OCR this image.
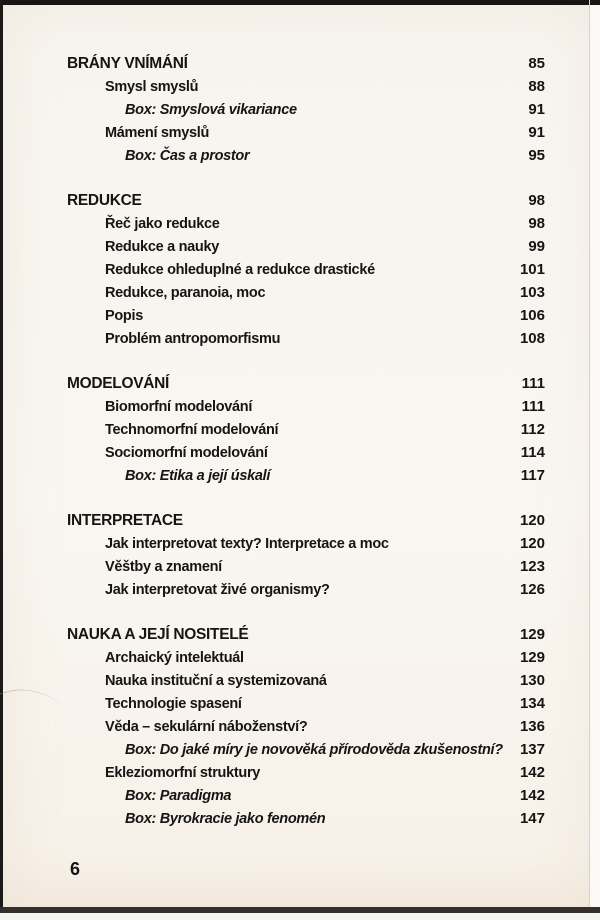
BRÁNY VNÍMÁNÍ	85
Smysl smyslů	88
Box: Smyslová vikariance	91
Mámení smyslů	91
Box: Čas a prostor	95
REDUKCE	98
Řeč jako redukce	98
Redukce a nauky	99
Redukce ohleduplné a redukce drastické	101
Redukce, paranoia, moc	103
Popis	106
Problém antropomorfismu	108
MODELOVÁNÍ	111
Biomorfní modelování	111
Technomorfní modelování	112
Sociomorfní modelování	114
Box: Etika a její úskalí	117
INTERPRETACE	120
Jak interpretovat texty? Interpretace a moc	120
Věštby a znamení	123
Jak interpretovat živé organismy?	126
NAUKA A JEJÍ NOSITELÉ	129
Archaický intelektuál	129
Nauka instituční a systemizovaná	130
Technologie spasení	134
Věda – sekulární náboženství?	136
Box: Do jaké míry je novověká přírodověda zkušenostní?	137
Ekleziomorfní struktury	142
Box: Paradigma	142
Box: Byrokracie jako fenomén	147
6
